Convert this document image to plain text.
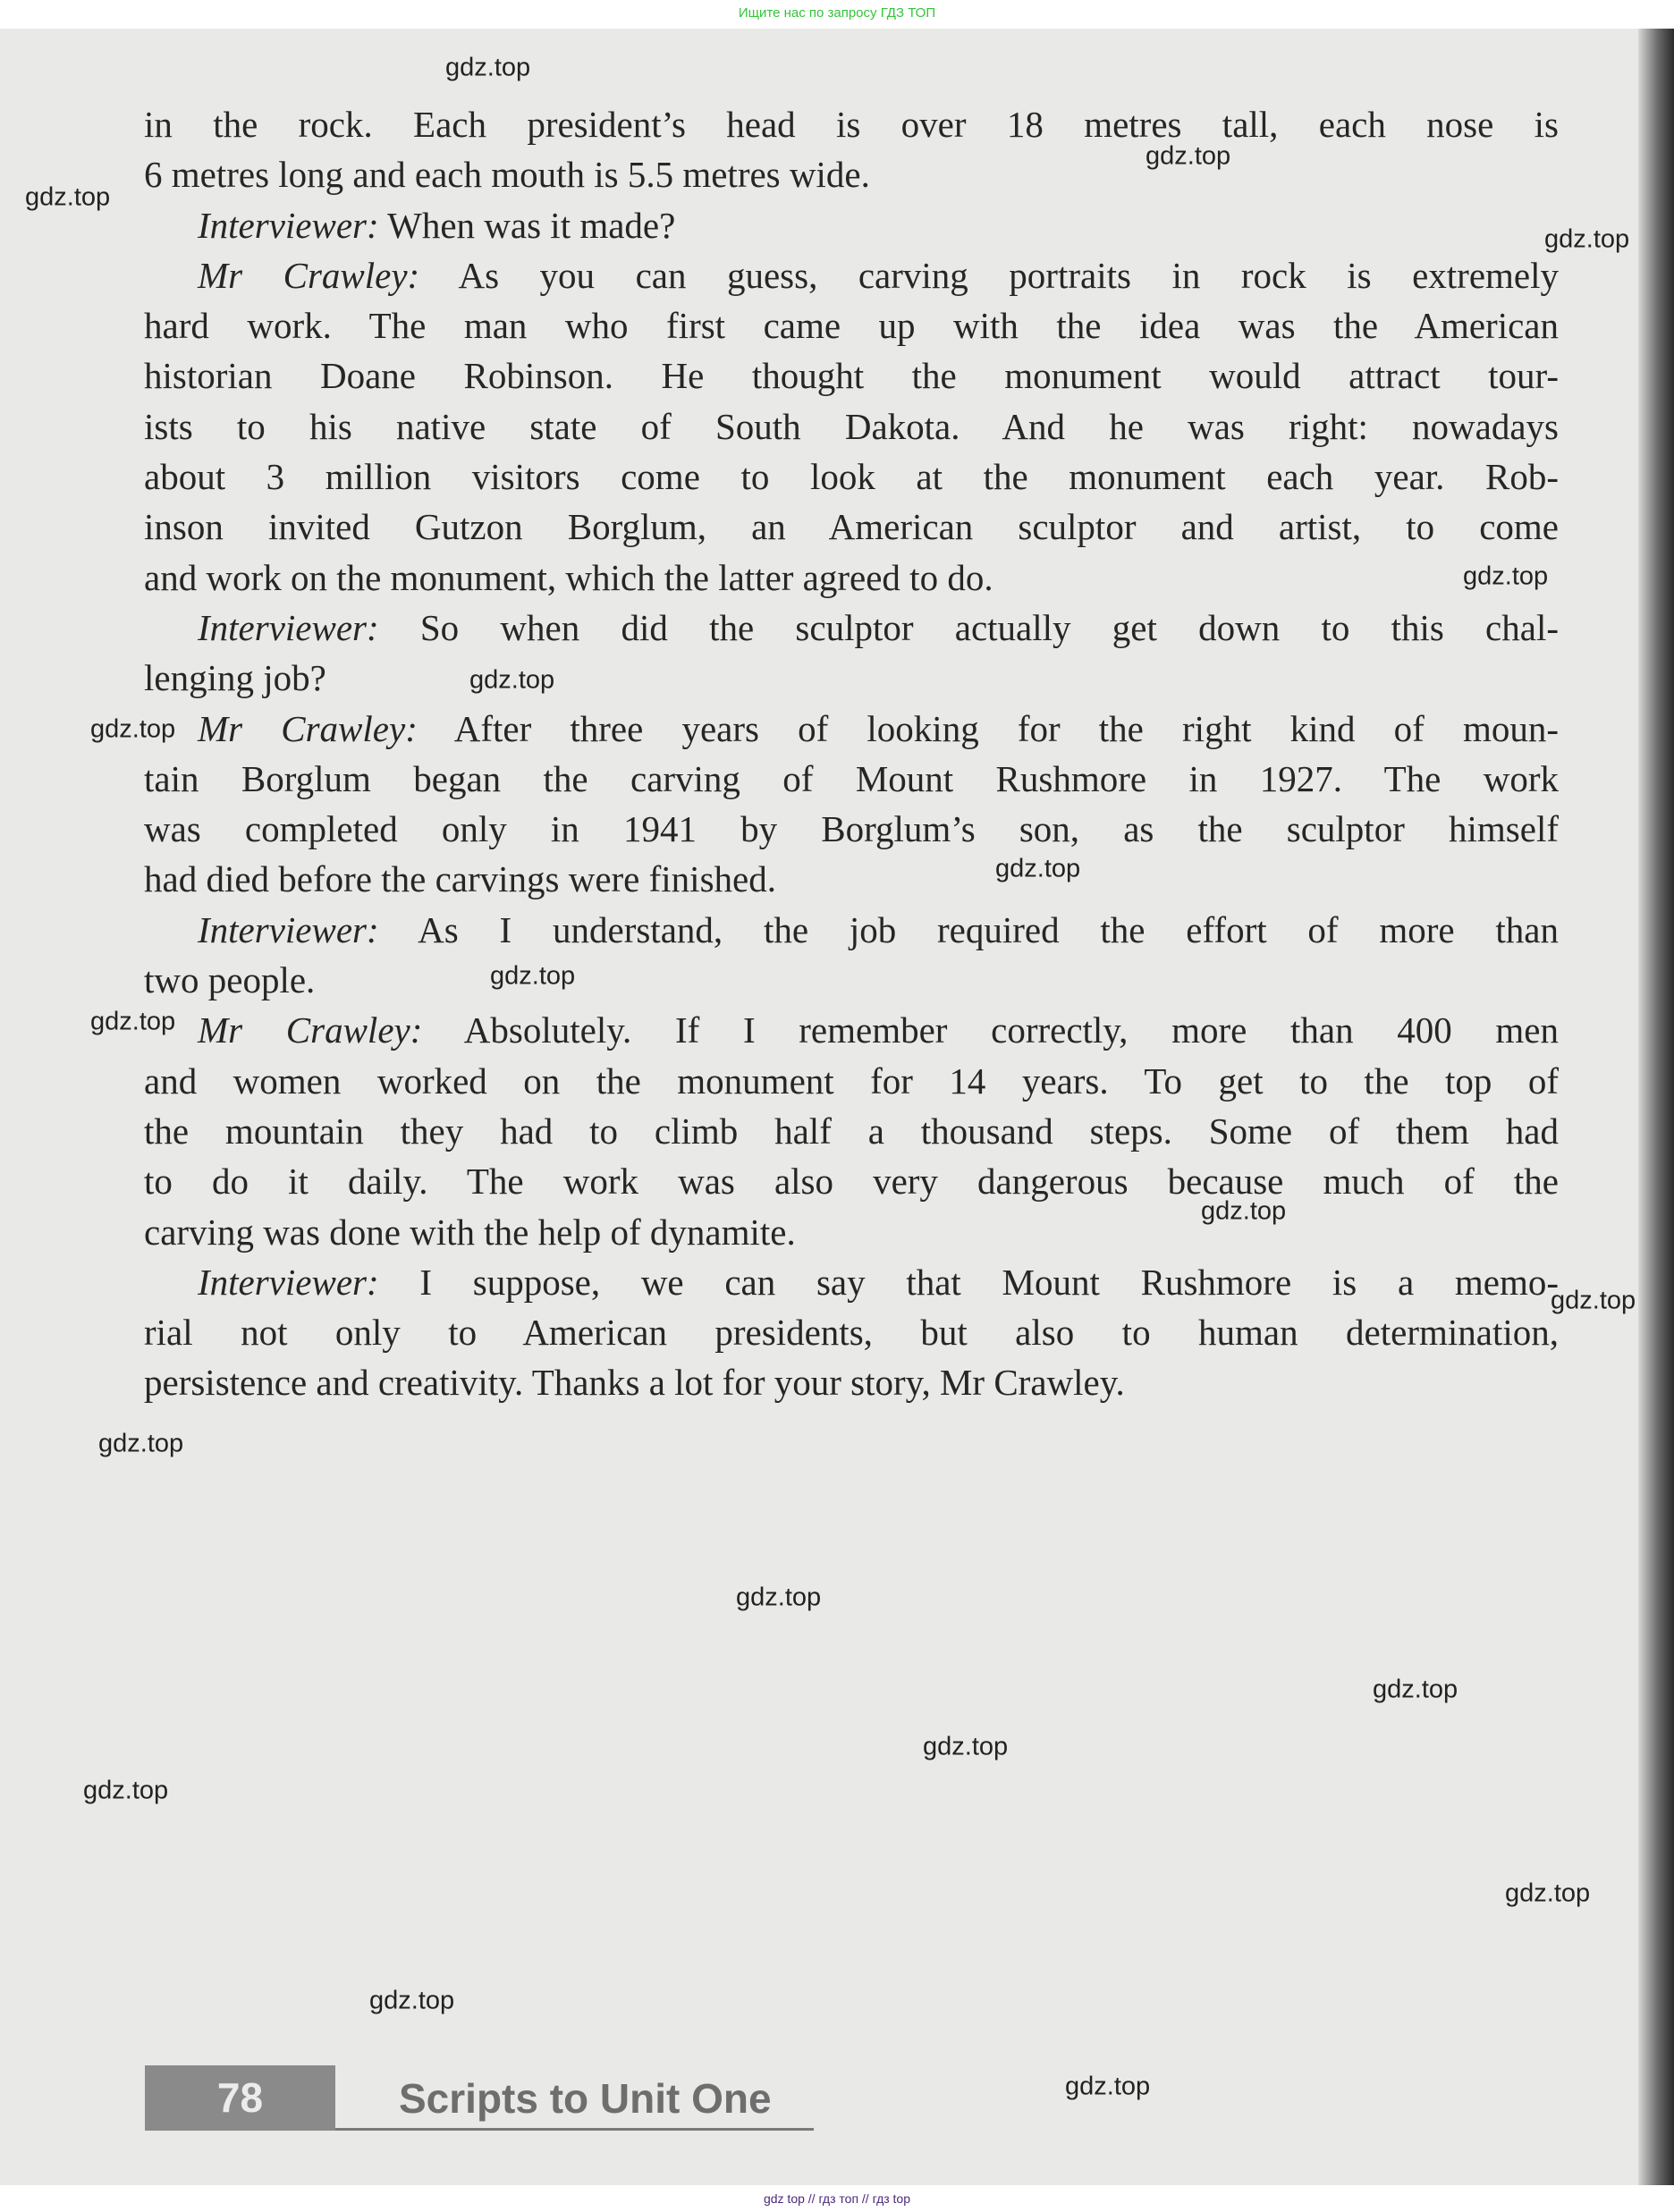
Ищите нас по запросу ГДЗ ТОП
in the rock. Each president’s head is over 18 metres tall, each nose is
6 metres long and each mouth is 5.5 metres wide.
Interviewer: When was it made?
Mr Crawley: As you can guess, carving portraits in rock is extremely
hard work. The man who first came up with the idea was the American
historian Doane Robinson. He thought the monument would attract tour-
ists to his native state of South Dakota. And he was right: nowadays
about 3 million visitors come to look at the monument each year. Rob-
inson invited Gutzon Borglum, an American sculptor and artist, to come
and work on the monument, which the latter agreed to do.
Interviewer: So when did the sculptor actually get down to this chal-
lenging job?
Mr Crawley: After three years of looking for the right kind of moun-
tain Borglum began the carving of Mount Rushmore in 1927. The work
was completed only in 1941 by Borglum’s son, as the sculptor himself
had died before the carvings were finished.
Interviewer: As I understand, the job required the effort of more than
two people.
Mr Crawley: Absolutely. If I remember correctly, more than 400 men
and women worked on the monument for 14 years. To get to the top of
the mountain they had to climb half a thousand steps. Some of them had
to do it daily. The work was also very dangerous because much of the
carving was done with the help of dynamite.
Interviewer: I suppose, we can say that Mount Rushmore is a memo-
rial not only to American presidents, but also to human determination,
persistence and creativity. Thanks a lot for your story, Mr Crawley.
78	Scripts to Unit One
gdz.top
gdz.top
gdz.top
gdz.top
gdz.top
gdz.top
gdz.top
gdz.top
gdz.top
gdz.top
gdz.top
gdz.top
gdz.top
gdz.top
gdz.top
gdz.top
gdz.top
gdz.top
gdz.top
gdz.top
gdz top // гдз топ // гдз top
